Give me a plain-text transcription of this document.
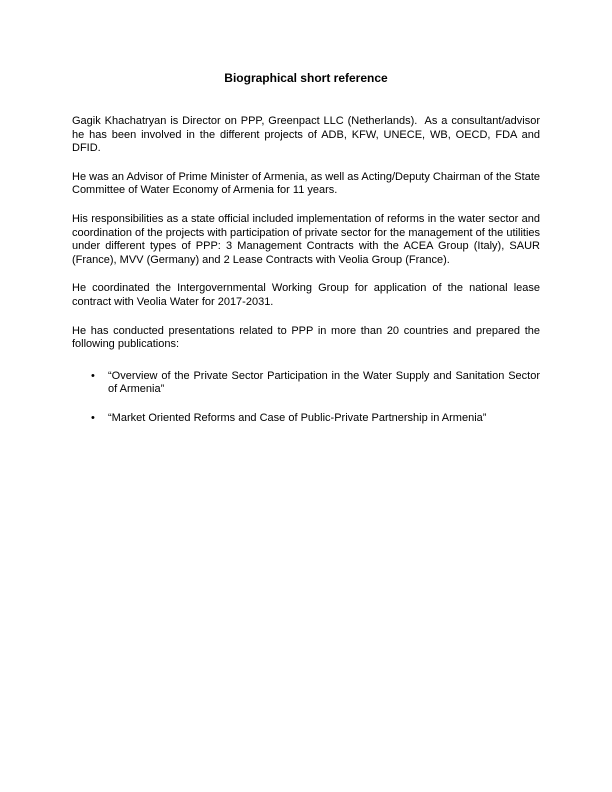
Biographical short reference

Gagik Khachatryan is Director on PPP, Greenpact LLC (Netherlands).  As a consultant/advisor he has been involved in the different projects of ADB, KFW, UNECE, WB, OECD, FDA and DFID.

He was an Advisor of Prime Minister of Armenia, as well as Acting/Deputy Chairman of the State Committee of Water Economy of Armenia for 11 years.

His responsibilities as a state official included implementation of reforms in the water sector and coordination of the projects with participation of private sector for the management of the utilities under different types of PPP: 3 Management Contracts with the ACEA Group (Italy), SAUR (France), MVV (Germany) and 2 Lease Contracts with Veolia Group (France).

He coordinated the Intergovernmental Working Group for application of the national lease contract with Veolia Water for 2017-2031.

He has conducted presentations related to PPP in more than 20 countries and prepared the following publications:

• “Overview of the Private Sector Participation in the Water Supply and Sanitation Sector of Armenia”
• “Market Oriented Reforms and Case of Public-Private Partnership in Armenia”
